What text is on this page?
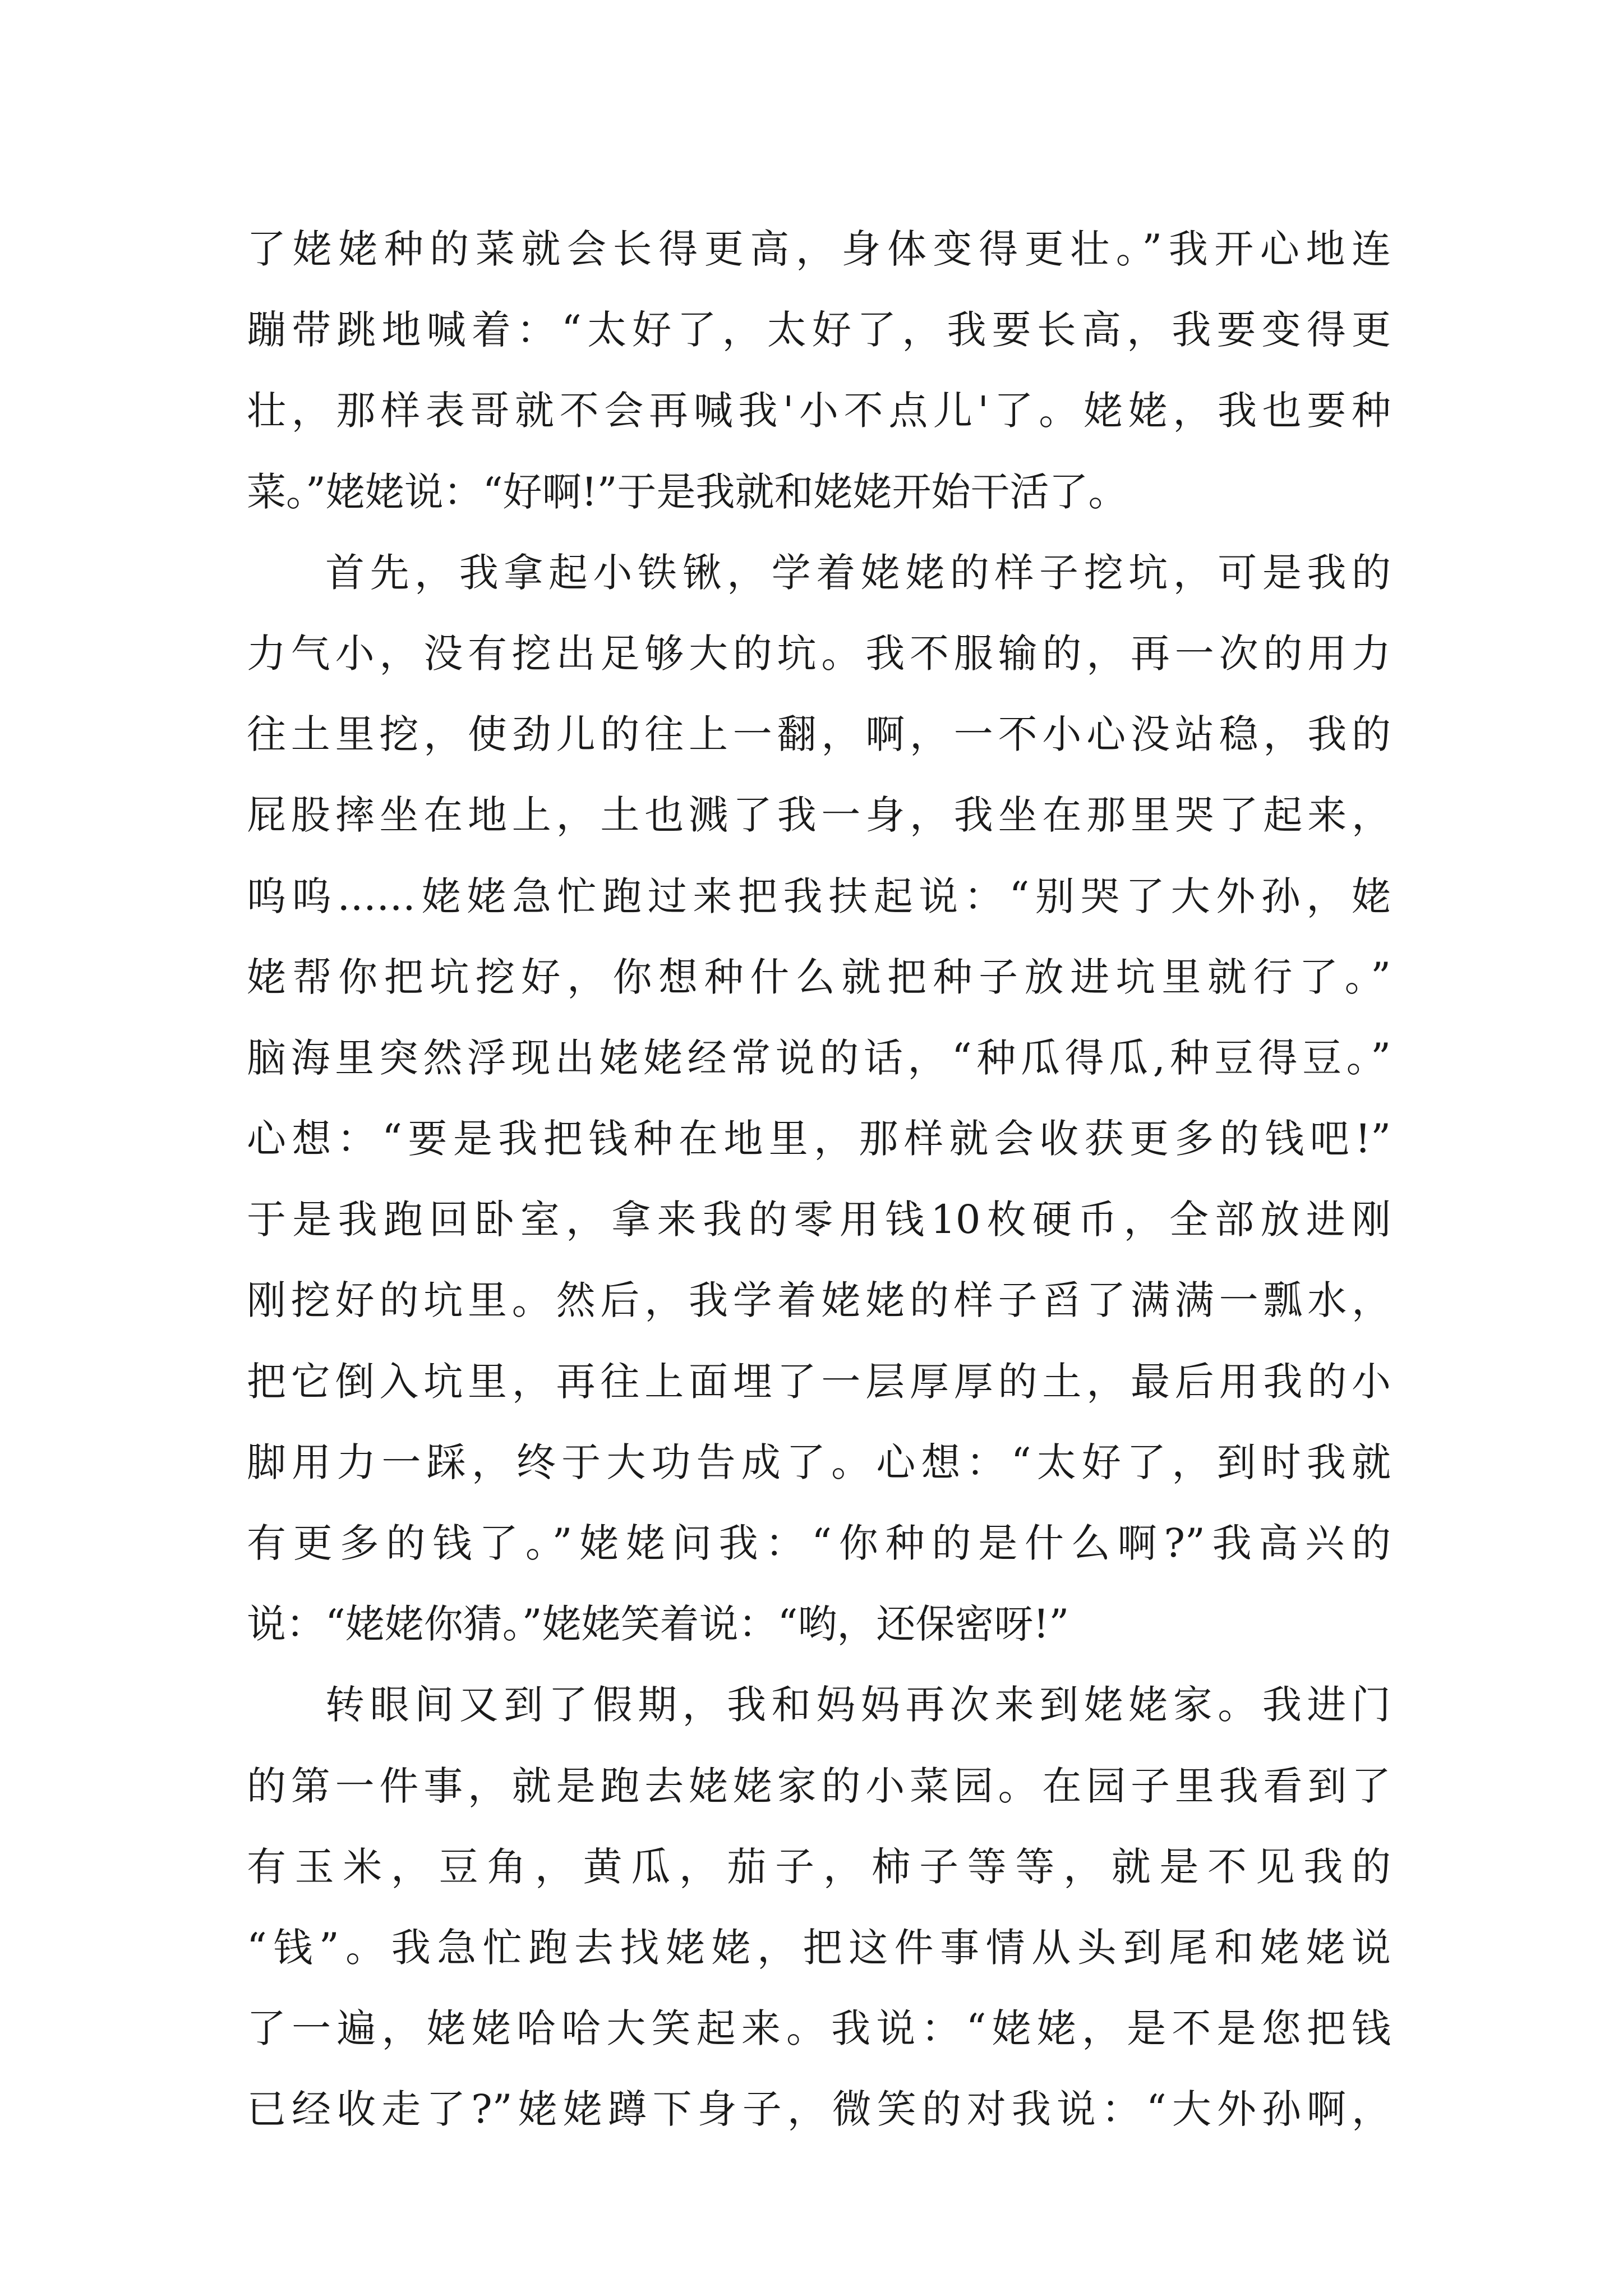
了姥姥种的菜就会长得更高，身体变得更壮。”我开心地连
蹦带跳地喊着：“太好了，太好了，我要长高，我要变得更
壮，那样表哥就不会再喊我'小不点儿'了。姥姥，我也要种
菜。”姥姥说：“好啊!”于是我就和姥姥开始干活了。
首先，我拿起小铁锹，学着姥姥的样子挖坑，可是我的
力气小，没有挖出足够大的坑。我不服输的，再一次的用力
往土里挖，使劲儿的往上一翻，啊，一不小心没站稳，我的
屁股摔坐在地上，土也溅了我一身，我坐在那里哭了起来，
呜呜……姥姥急忙跑过来把我扶起说：“别哭了大外孙，姥
姥帮你把坑挖好，你想种什么就把种子放进坑里就行了。”
脑海里突然浮现出姥姥经常说的话，“种瓜得瓜,种豆得豆。”
心想：“要是我把钱种在地里，那样就会收获更多的钱吧!”
于是我跑回卧室，拿来我的零用钱10枚硬币，全部放进刚
刚挖好的坑里。然后，我学着姥姥的样子舀了满满一瓢水，
把它倒入坑里，再往上面埋了一层厚厚的土，最后用我的小
脚用力一踩，终于大功告成了。心想：“太好了，到时我就
有更多的钱了。”姥姥问我：“你种的是什么啊?”我高兴的
说：“姥姥你猜。”姥姥笑着说：“哟，还保密呀!”
转眼间又到了假期，我和妈妈再次来到姥姥家。我进门
的第一件事，就是跑去姥姥家的小菜园。在园子里我看到了
有玉米，豆角，黄瓜，茄子，柿子等等，就是不见我的
“钱”。我急忙跑去找姥姥，把这件事情从头到尾和姥姥说
了一遍，姥姥哈哈大笑起来。我说：“姥姥，是不是您把钱
已经收走了?”姥姥蹲下身子，微笑的对我说：“大外孙啊，
